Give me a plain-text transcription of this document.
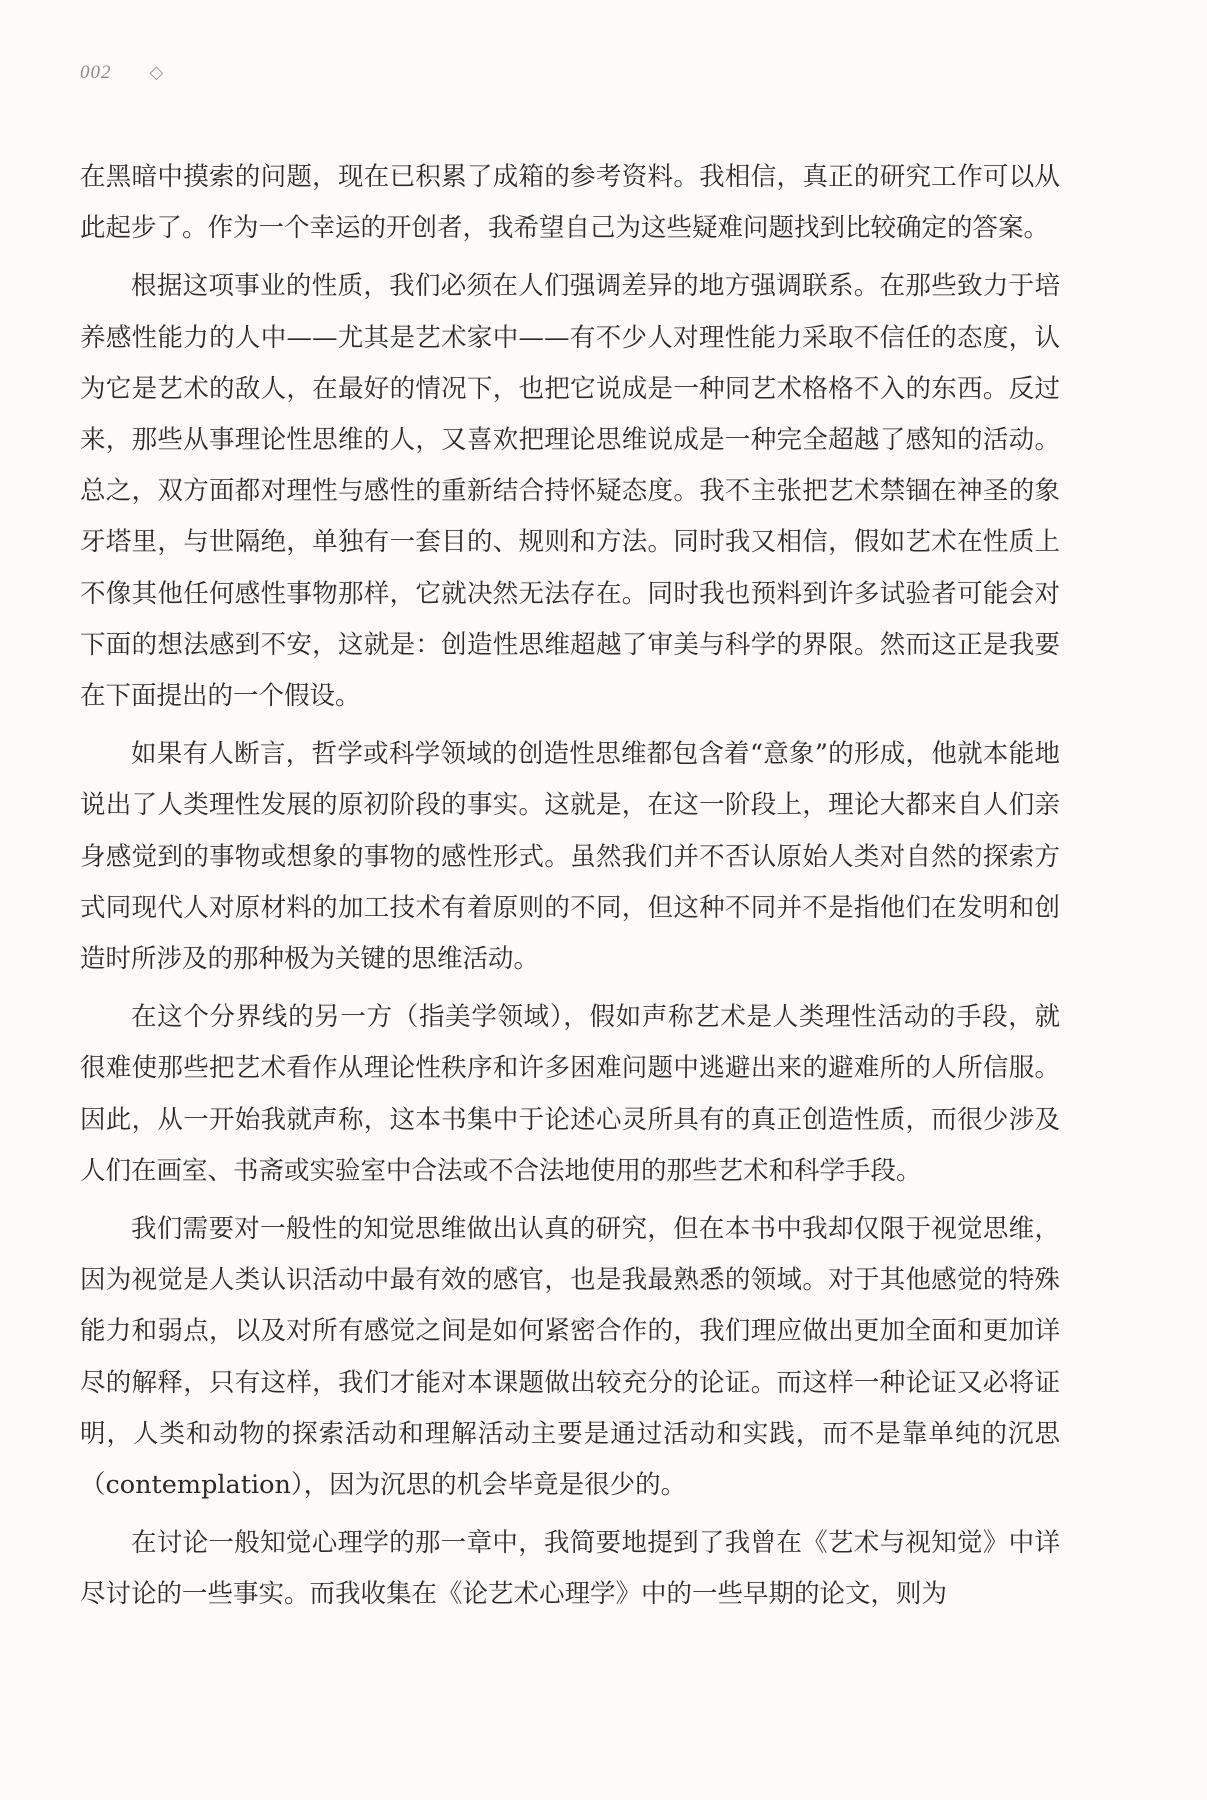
002 ◇

在黑暗中摸索的问题，现在已积累了成箱的参考资料。我相信，真正的研究工作可以从此起步了。作为一个幸运的开创者，我希望自己为这些疑难问题找到比较确定的答案。

根据这项事业的性质，我们必须在人们强调差异的地方强调联系。在那些致力于培养感性能力的人中——尤其是艺术家中——有不少人对理性能力采取不信任的态度，认为它是艺术的敌人，在最好的情况下，也把它说成是一种同艺术格格不入的东西。反过来，那些从事理论性思维的人，又喜欢把理论思维说成是一种完全超越了感知的活动。总之，双方面都对理性与感性的重新结合持怀疑态度。我不主张把艺术禁锢在神圣的象牙塔里，与世隔绝，单独有一套目的、规则和方法。同时我又相信，假如艺术在性质上不像其他任何感性事物那样，它就决然无法存在。同时我也预料到许多试验者可能会对下面的想法感到不安，这就是：创造性思维超越了审美与科学的界限。然而这正是我要在下面提出的一个假设。

如果有人断言，哲学或科学领域的创造性思维都包含着“意象”的形成，他就本能地说出了人类理性发展的原初阶段的事实。这就是，在这一阶段上，理论大都来自人们亲身感觉到的事物或想象的事物的感性形式。虽然我们并不否认原始人类对自然的探索方式同现代人对原材料的加工技术有着原则的不同，但这种不同并不是指他们在发明和创造时所涉及的那种极为关键的思维活动。

在这个分界线的另一方（指美学领域），假如声称艺术是人类理性活动的手段，就很难使那些把艺术看作从理论性秩序和许多困难问题中逃避出来的避难所的人所信服。因此，从一开始我就声称，这本书集中于论述心灵所具有的真正创造性质，而很少涉及人们在画室、书斋或实验室中合法或不合法地使用的那些艺术和科学手段。

我们需要对一般性的知觉思维做出认真的研究，但在本书中我却仅限于视觉思维，因为视觉是人类认识活动中最有效的感官，也是我最熟悉的领域。对于其他感觉的特殊能力和弱点，以及对所有感觉之间是如何紧密合作的，我们理应做出更加全面和更加详尽的解释，只有这样，我们才能对本课题做出较充分的论证。而这样一种论证又必将证明，人类和动物的探索活动和理解活动主要是通过活动和实践，而不是靠单纯的沉思（contemplation），因为沉思的机会毕竟是很少的。

在讨论一般知觉心理学的那一章中，我简要地提到了我曾在《艺术与视知觉》中详尽讨论的一些事实。而我收集在《论艺术心理学》中的一些早期的论文，则为
